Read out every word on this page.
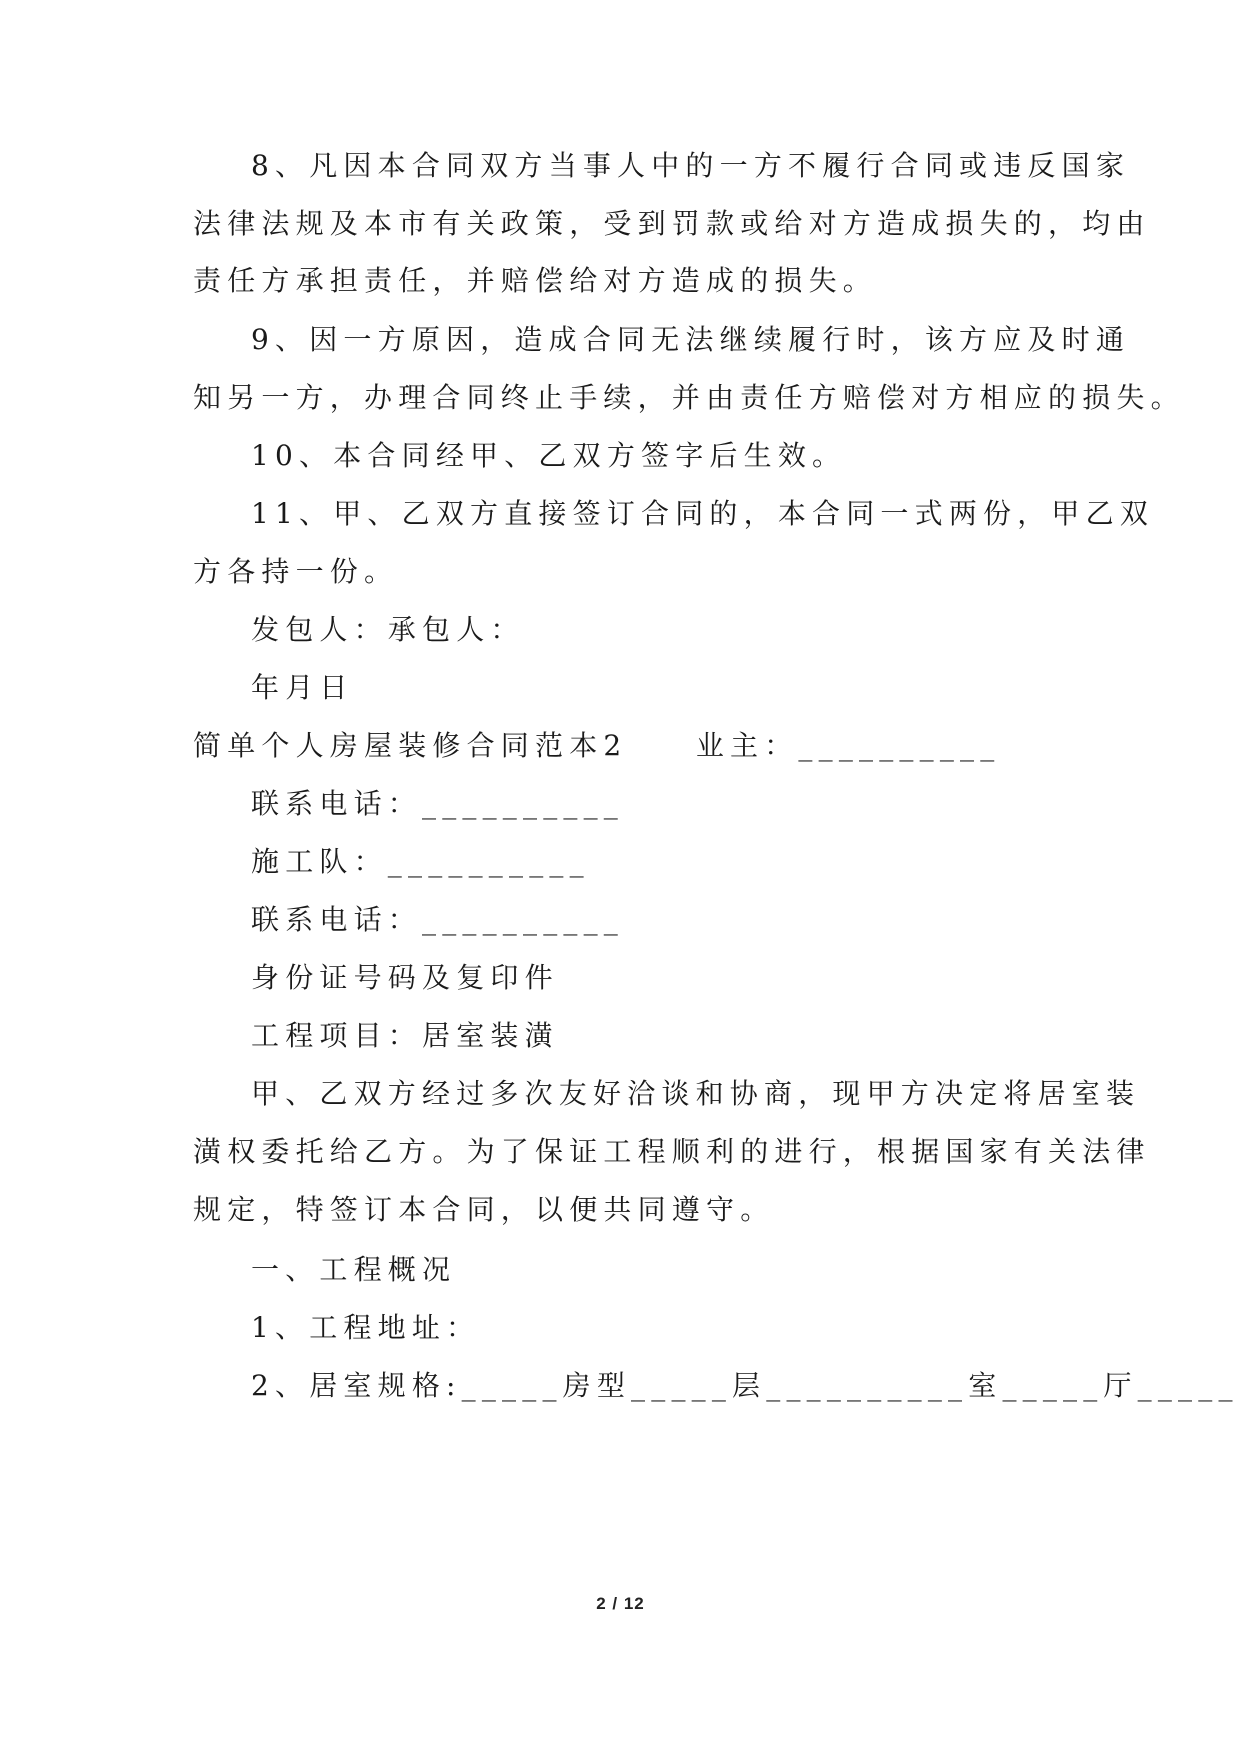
8、凡因本合同双方当事人中的一方不履行合同或违反国家
法律法规及本市有关政策，受到罚款或给对方造成损失的，均由
责任方承担责任，并赔偿给对方造成的损失。
9、因一方原因，造成合同无法继续履行时，该方应及时通
知另一方，办理合同终止手续，并由责任方赔偿对方相应的损失。
10、本合同经甲、乙双方签字后生效。
11、甲、乙双方直接签订合同的，本合同一式两份，甲乙双
方各持一份。
发包人：承包人：
年月日
简单个人房屋装修合同范本2　　业主：__________
联系电话：__________
施工队：__________
联系电话：__________
身份证号码及复印件
工程项目：居室装潢
甲、乙双方经过多次友好洽谈和协商，现甲方决定将居室装
潢权委托给乙方。为了保证工程顺利的进行，根据国家有关法律
规定，特签订本合同，以便共同遵守。
一、工程概况
1、工程地址：
2、居室规格:_____房型_____层__________室_____厅_____
2 / 12
